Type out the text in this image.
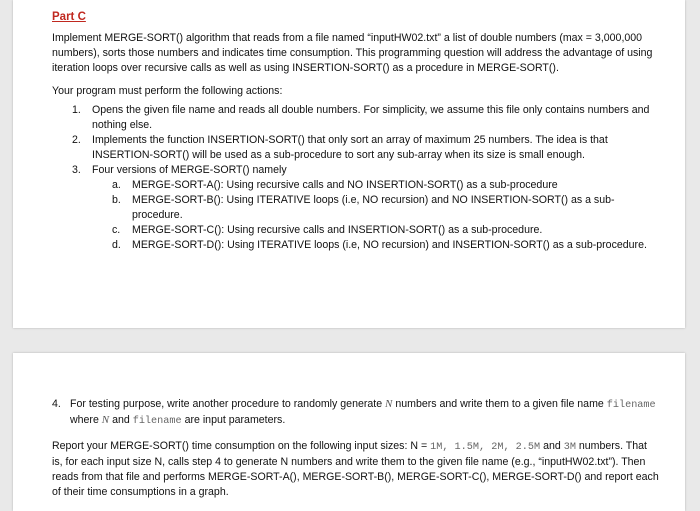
Part C

Implement MERGE-SORT() algorithm that reads from a file named “inputHW02.txt” a list of double numbers (max = 3,000,000 numbers), sorts those numbers and indicates time consumption. This programming question will address the advantage of using iteration loops over recursive calls as well as using INSERTION-SORT() as a procedure in MERGE-SORT().

Your program must perform the following actions:

1. Opens the given file name and reads all double numbers. For simplicity, we assume this file only contains numbers and nothing else.
2. Implements the function INSERTION-SORT() that only sort an array of maximum 25 numbers. The idea is that INSERTION-SORT() will be used as a sub-procedure to sort any sub-array when its size is small enough.
3. Four versions of MERGE-SORT() namely
a. MERGE-SORT-A(): Using recursive calls and NO INSERTION-SORT() as a sub-procedure
b. MERGE-SORT-B(): Using ITERATIVE loops (i.e, NO recursion) and NO INSERTION-SORT() as a sub-procedure.
c. MERGE-SORT-C(): Using recursive calls and INSERTION-SORT() as a sub-procedure.
d. MERGE-SORT-D(): Using ITERATIVE loops (i.e, NO recursion) and INSERTION-SORT() as a sub-procedure.
4. For testing purpose, write another procedure to randomly generate N numbers and write them to a given file name filename where N and filename are input parameters.

Report your MERGE-SORT() time consumption on the following input sizes: N = 1M, 1.5M, 2M, 2.5M and 3M numbers. That is, for each input size N, calls step 4 to generate N numbers and write them to the given file name (e.g., “inputHW02.txt”). Then reads from that file and performs MERGE-SORT-A(), MERGE-SORT-B(), MERGE-SORT-C(), MERGE-SORT-D() and report each of their time consumptions in a graph.
